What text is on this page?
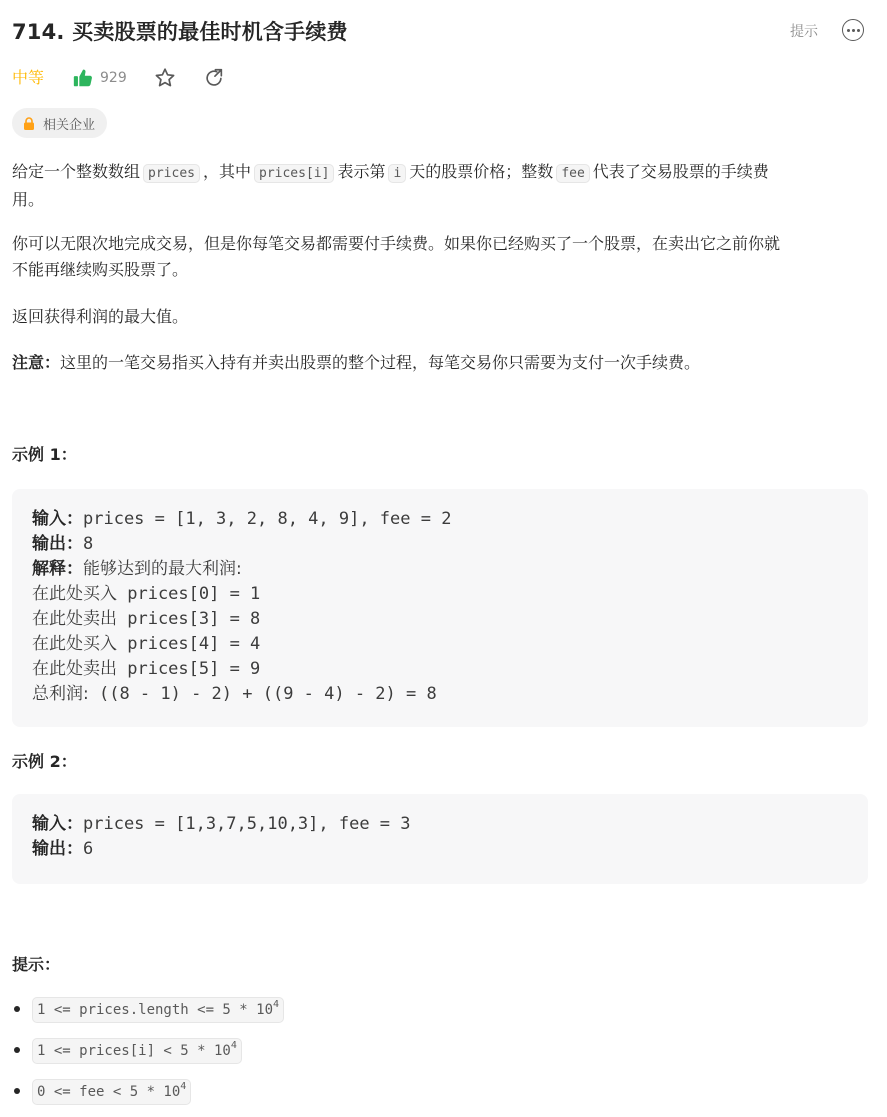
714. 买卖股票的最佳时机含手续费	提示
中等	929
相关企业
给定一个整数数组 prices ，其中 prices[i] 表示第 i 天的股票价格；整数 fee 代表了交易股票的手续费
用。
你可以无限次地完成交易，但是你每笔交易都需要付手续费。如果你已经购买了一个股票，在卖出它之前你就
不能再继续购买股票了。
返回获得利润的最大值。
注意：这里的一笔交易指买入持有并卖出股票的整个过程，每笔交易你只需要为支付一次手续费。
示例 1：
输入：prices = [1, 3, 2, 8, 4, 9], fee = 2
输出：8
解释：能够达到的最大利润:
在此处买入 prices[0] = 1
在此处卖出 prices[3] = 8
在此处买入 prices[4] = 4
在此处卖出 prices[5] = 9
总利润: ((8 - 1) - 2) + ((9 - 4) - 2) = 8
示例 2：
输入：prices = [1,3,7,5,10,3], fee = 3
输出：6
提示：
1 <= prices.length <= $5 * 10^4$
1 <= prices[i] < $5 * 10^4$
0 <= fee < $5 * 10^4$
